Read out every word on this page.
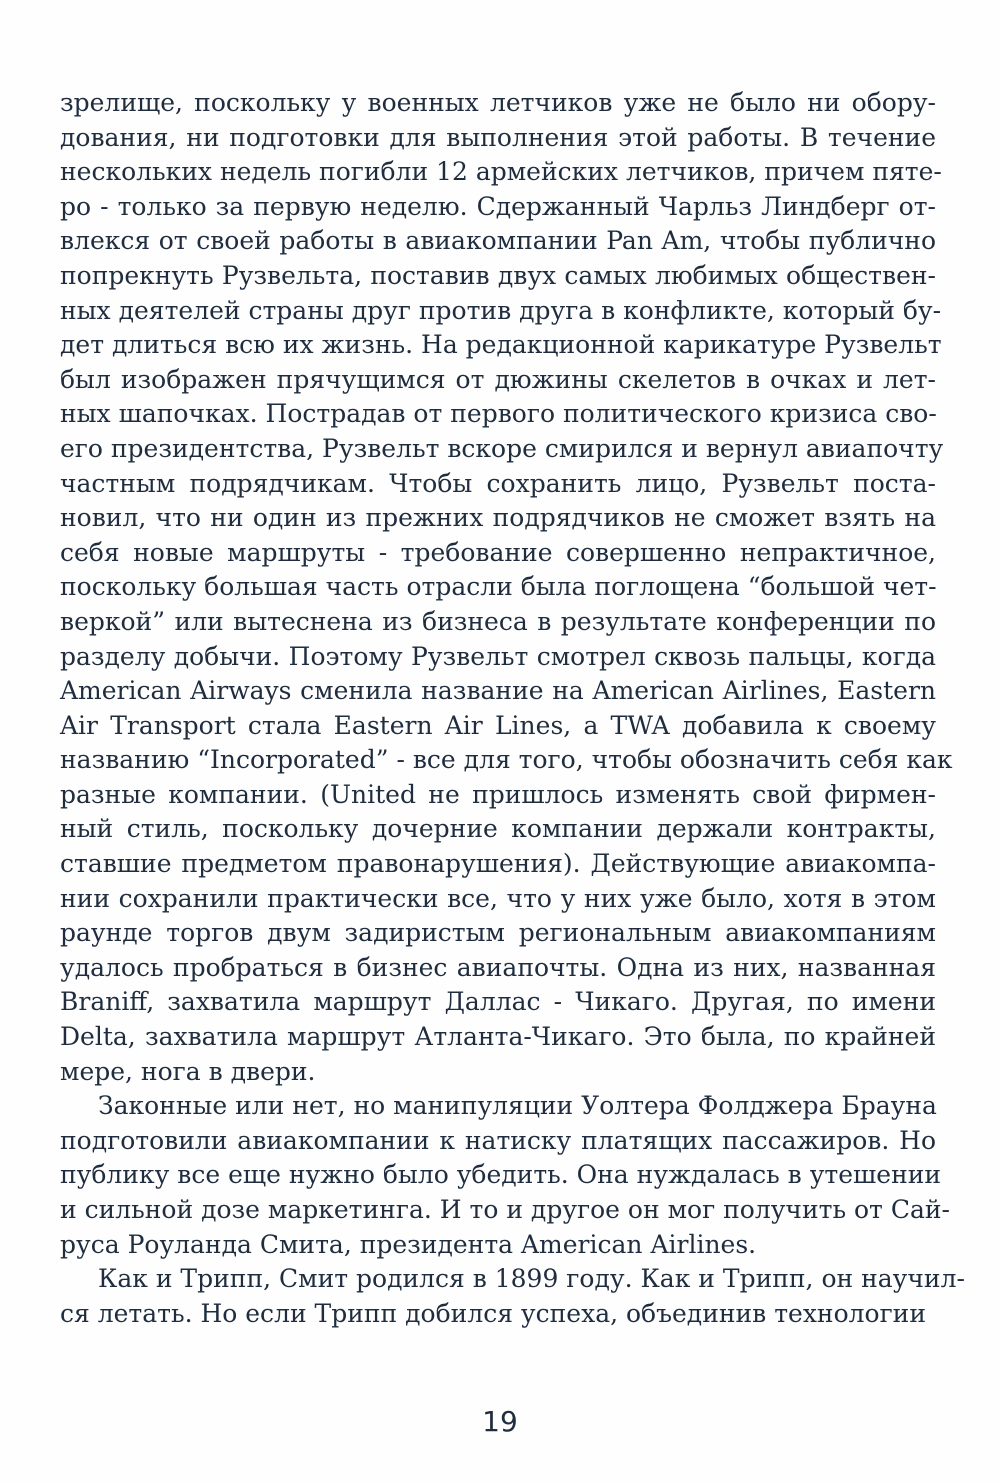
зрелище, поскольку у военных летчиков уже не было ни обору-
дования, ни подготовки для выполнения этой работы. В течение
нескольких недель погибли 12 армейских летчиков, причем пяте-
ро - только за первую неделю. Сдержанный Чарльз Линдберг от-
влекся от своей работы в авиакомпании Pan Am, чтобы публично
попрекнуть Рузвельта, поставив двух самых любимых обществен-
ных деятелей страны друг против друга в конфликте, который бу-
дет длиться всю их жизнь. На редакционной карикатуре Рузвельт
был изображен прячущимся от дюжины скелетов в очках и лет-
ных шапочках. Пострадав от первого политического кризиса сво-
его президентства, Рузвельт вскоре смирился и вернул авиапочту
частным подрядчикам. Чтобы сохранить лицо, Рузвельт поста-
новил, что ни один из прежних подрядчиков не сможет взять на
себя новые маршруты - требование совершенно непрактичное,
поскольку большая часть отрасли была поглощена “большой чет-
веркой” или вытеснена из бизнеса в результате конференции по
разделу добычи. Поэтому Рузвельт смотрел сквозь пальцы, когда
American Airways сменила название на American Airlines, Eastern
Air Transport стала Eastern Air Lines, а TWA добавила к своему
названию “Incorporated” - все для того, чтобы обозначить себя как
разные компании. (United не пришлось изменять свой фирмен-
ный стиль, поскольку дочерние компании держали контракты,
ставшие предметом правонарушения). Действующие авиакомпа-
нии сохранили практически все, что у них уже было, хотя в этом
раунде торгов двум задиристым региональным авиакомпаниям
удалось пробраться в бизнес авиапочты. Одна из них, названная
Braniff, захватила маршрут Даллас - Чикаго. Другая, по имени
Delta, захватила маршрут Атланта-Чикаго. Это была, по крайней
мере, нога в двери.

Законные или нет, но манипуляции Уолтера Фолджера Брауна
подготовили авиакомпании к натиску платящих пассажиров. Но
публику все еще нужно было убедить. Она нуждалась в утешении
и сильной дозе маркетинга. И то и другое он мог получить от Сай-
руса Роуланда Смита, президента American Airlines.

Как и Трипп, Смит родился в 1899 году. Как и Трипп, он научил-
ся летать. Но если Трипп добился успеха, объединив технологии

19
